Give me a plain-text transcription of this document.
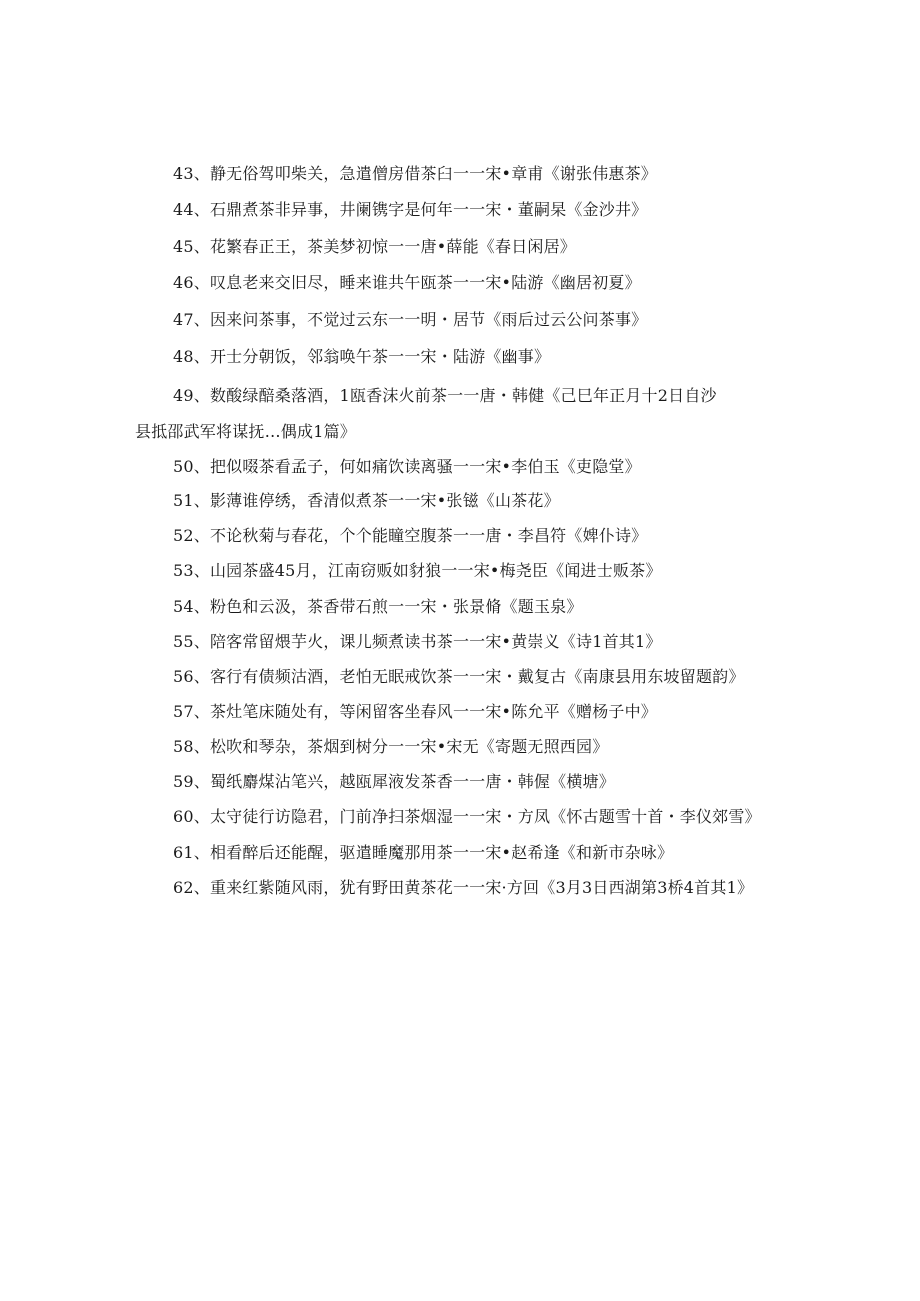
43、静无俗驾叩柴关，急遣僧房借茶臼一一宋•章甫《谢张伟惠茶》
44、石鼎煮茶非异事，井阑镌字是何年一一宋・董嗣杲《金沙井》
45、花繁春正王，茶美梦初惊一一唐•薛能《春日闲居》
46、叹息老来交旧尽，睡来谁共午瓯茶一一宋•陆游《幽居初夏》
47、因来问茶事，不觉过云东一一明・居节《雨后过云公问茶事》
48、开士分朝饭，邻翁唤午茶一一宋・陆游《幽事》
49、数酸绿醅桑落酒，1瓯香沫火前茶一一唐・韩健《己巳年正月十2日自沙
县抵邵武军将谋抚…偶成1篇》
50、把似啜茶看孟子，何如痛饮读离骚一一宋•李伯玉《吏隐堂》
51、影薄谁停绣，香清似煮茶一一宋•张镃《山茶花》
52、不论秋菊与春花，个个能瞳空腹茶一一唐・李昌符《婢仆诗》
53、山园茶盛45月，江南窃贩如豺狼一一宋•梅尧臣《闻进士贩茶》
54、粉色和云汲，茶香带石煎一一宋・张景脩《题玉泉》
55、陪客常留煨芋火，课儿频煮读书茶一一宋•黄崇义《诗1首其1》
56、客行有债频沽酒，老怕无眠戒饮茶一一宋・戴复古《南康县用东坡留题韵》
57、茶灶笔床随处有，等闲留客坐春风一一宋•陈允平《赠杨子中》
58、松吹和琴杂，茶烟到树分一一宋•宋无《寄题无照西园》
59、蜀纸麝煤沾笔兴，越瓯犀液发茶香一一唐・韩偓《横塘》
60、太守徒行访隐君，门前净扫茶烟湿一一宋・方凤《怀古题雪十首・李仪郊雪》
61、相看醉后还能醒，驱遣睡魔那用茶一一宋•赵希逢《和新市杂咏》
62、重来红紫随风雨，犹有野田黄茶花一一宋·方回《3月3日西湖第3桥4首其1》
